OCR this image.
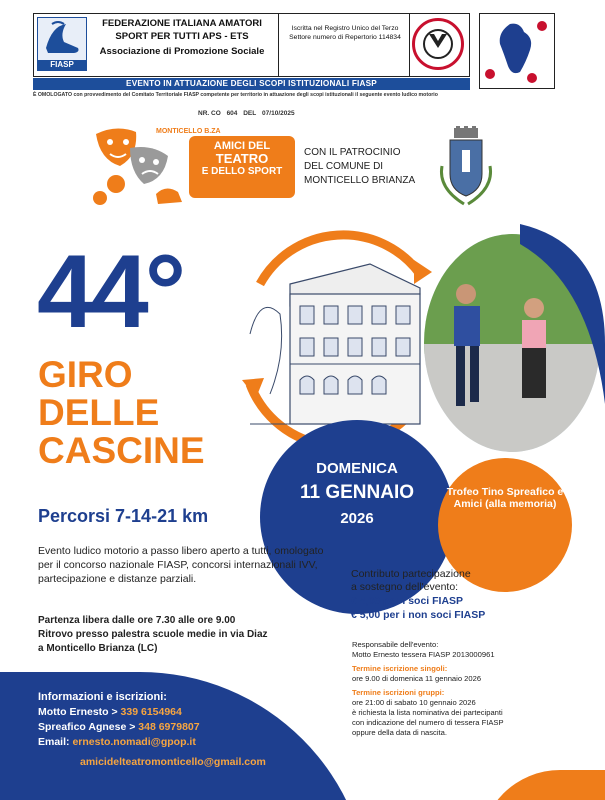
FIASP
FEDERAZIONE ITALIANA AMATORI
SPORT PER TUTTI APS - ETS
Associazione di Promozione Sociale
Iscritta nel Registro Unico del Terzo Settore numero di Repertorio 114834
EVENTO IN ATTUAZIONE DEGLI SCOPI ISTITUZIONALI FIASP
È OMOLOGATO con provvedimento del Comitato Territoriale FIASP competente per territorio in attuazione degli scopi istituzionali il seguente evento ludico motorio
NR. CO 604 DEL 07/10/2025
MONTICELLO B.ZA
AMICI DEL
TEATRO
E DELLO SPORT
CON IL PATROCINIO
DEL COMUNE DI
MONTICELLO BRIANZA
DOMENICA
11 GENNAIO
2026
Trofeo Tino Spreafico e Amici (alla memoria)
44°
GIRO
DELLE
CASCINE
Percorsi 7-14-21 km
Evento ludico motorio a passo libero aperto a tutti, omologato per il concorso nazionale FIASP, concorsi internazionali IVV, partecipazione e distanze parziali.
Partenza libera dalle ore 7.30 alle ore 9.00
Ritrovo presso palestra scuole medie in via Diaz
a Monticello Brianza (LC)
Contributo partecipazione
a sostegno dell'evento:
€ 4,00 per i soci FIASP
€ 5,00 per i non soci FIASP
Responsabile dell'evento:
Motto Ernesto tessera FIASP 2013000961
Termine iscrizione singoli:
ore 9.00 di domenica 11 gennaio 2026
Termine iscrizioni gruppi:
ore 21:00 di sabato 10 gennaio 2026
è richiesta la lista nominativa dei partecipanti
con indicazione del numero di tessera FIASP
oppure della data di nascita.
Informazioni e iscrizioni:
Motto Ernesto > 339 6154964
Spreafico Agnese > 348 6979807
Email: ernesto.nomadi@gpop.it
amicidelteatromonticello@gmail.com
